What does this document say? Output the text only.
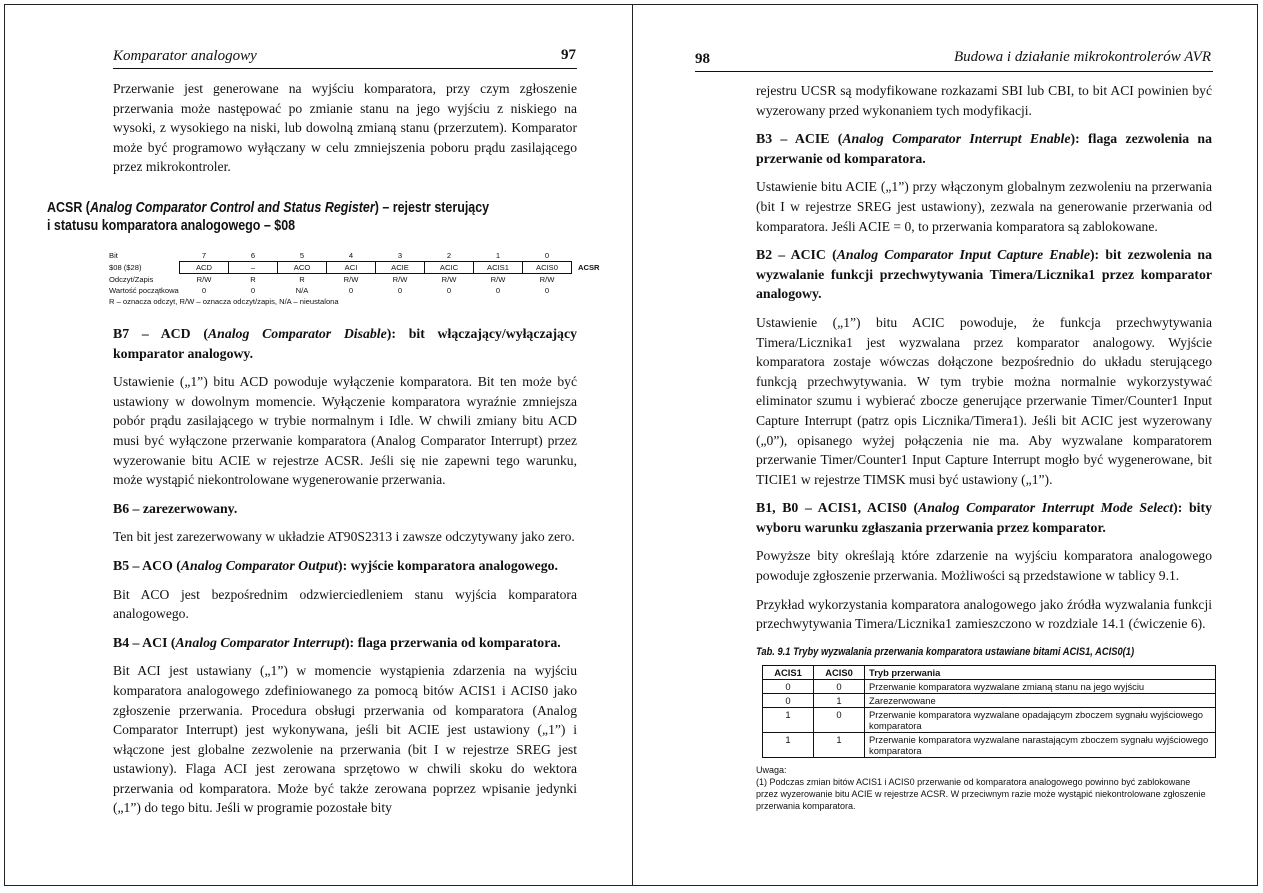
Komparator analogowy	97

Przerwanie jest generowane na wyjściu komparatora, przy czym zgłoszenie przerwania może następować po zmianie stanu na jego wyjściu z niskiego na wysoki, z wysokiego na niski, lub dowolną zmianą stanu (przerzutem). Komparator może być programowo wyłączany w celu zmniejszenia poboru prądu zasilającego przez mikrokontroler.

ACSR (Analog Comparator Control and Status Register) – rejestr sterujący
i statusu komparatora analogowego – $08
Bit	7	6	5	4	3	2	1	0	
$08 ($28)	ACD	–	ACO	ACI	ACIE	ACIC	ACIS1	ACIS0	ACSR
Odczyt/Zapis	R/W	R	R	R/W	R/W	R/W	R/W	R/W	
Wartość początkowa	0	0	N/A	0	0	0	0	0	
R – oznacza odczyt, R/W – oznacza odczyt/zapis, N/A – nieustalona
B7 – ACD (Analog Comparator Disable): bit włączający/wyłączający komparator analogowy.

Ustawienie („1”) bitu ACD powoduje wyłączenie komparatora. Bit ten może być ustawiony w dowolnym momencie. Wyłączenie komparatora wyraźnie zmniejsza pobór prądu zasilającego w trybie normalnym i Idle. W chwili zmiany bitu ACD musi być wyłączone przerwanie komparatora (Analog Comparator Interrupt) przez wyzerowanie bitu ACIE w rejestrze ACSR. Jeśli się nie zapewni tego warunku, może wystąpić niekontrolowane wygenerowanie przerwania.

B6 – zarezerwowany.

Ten bit jest zarezerwowany w układzie AT90S2313 i zawsze odczytywany jako zero.

B5 – ACO (Analog Comparator Output): wyjście komparatora analogowego.

Bit ACO jest bezpośrednim odzwierciedleniem stanu wyjścia komparatora analogowego.

B4 – ACI (Analog Comparator Interrupt): flaga przerwania od komparatora.

Bit ACI jest ustawiany („1”) w momencie wystąpienia zdarzenia na wyjściu komparatora analogowego zdefiniowanego za pomocą bitów ACIS1 i ACIS0 jako zgłoszenie przerwania. Procedura obsługi przerwania od komparatora (Analog Comparator Interrupt) jest wykonywana, jeśli bit ACIE jest ustawiony („1”) i włączone jest globalne zezwolenie na przerwania (bit I w rejestrze SREG jest ustawiony). Flaga ACI jest zerowana sprzętowo w chwili skoku do wektora przerwania od komparatora. Może być także zerowana poprzez wpisanie jedynki („1”) do tego bitu. Jeśli w programie pozostałe bity

98	Budowa i działanie mikrokontrolerów AVR

rejestru UCSR są modyfikowane rozkazami SBI lub CBI, to bit ACI powinien być wyzerowany przed wykonaniem tych modyfikacji.

B3 – ACIE (Analog Comparator Interrupt Enable): flaga zezwolenia na przerwanie od komparatora.

Ustawienie bitu ACIE („1”) przy włączonym globalnym zezwoleniu na przerwania (bit I w rejestrze SREG jest ustawiony), zezwala na generowanie przerwania od komparatora. Jeśli ACIE = 0, to przerwania komparatora są zablokowane.

B2 – ACIC (Analog Comparator Input Capture Enable): bit zezwolenia na wyzwalanie funkcji przechwytywania Timera/Licznika1 przez komparator analogowy.

Ustawienie („1”) bitu ACIC powoduje, że funkcja przechwytywania Timera/Licznika1 jest wyzwalana przez komparator analogowy. Wyjście komparatora zostaje wówczas dołączone bezpośrednio do układu sterującego funkcją przechwytywania. W tym trybie można normalnie wykorzystywać eliminator szumu i wybierać zbocze generujące przerwanie Timer/Counter1 Input Capture Interrupt (patrz opis Licznika/Timera1). Jeśli bit ACIC jest wyzerowany („0”), opisanego wyżej połączenia nie ma. Aby wyzwalane komparatorem przerwanie Timer/Counter1 Input Capture Interrupt mogło być wygenerowane, bit TICIE1 w rejestrze TIMSK musi być ustawiony („1”).

B1, B0 – ACIS1, ACIS0 (Analog Comparator Interrupt Mode Select): bity wyboru warunku zgłaszania przerwania przez komparator.

Powyższe bity określają które zdarzenie na wyjściu komparatora analogowego powoduje zgłoszenie przerwania. Możliwości są przedstawione w tablicy 9.1.

Przykład wykorzystania komparatora analogowego jako źródła wyzwalania funkcji przechwytywania Timera/Licznika1 zamieszczono w rozdziale 14.1 (ćwiczenie 6).

Tab. 9.1 Tryby wyzwalania przerwania komparatora ustawiane bitami ACIS1, ACIS0(1)
ACIS1	ACIS0	Tryb przerwania
0	0	Przerwanie komparatora wyzwalane zmianą stanu na jego wyjściu
0	1	Zarezerwowane
1	0	Przerwanie komparatora wyzwalane opadającym zboczem sygnału wyjściowego komparatora
1	1	Przerwanie komparatora wyzwalane narastającym zboczem sygnału wyjściowego komparatora
Uwaga:
(1) Podczas zmian bitów ACIS1 i ACIS0 przerwanie od komparatora analogowego powinno być zablokowane przez wyzerowanie bitu ACIE w rejestrze ACSR. W przeciwnym razie może wystąpić niekontrolowane zgłoszenie przerwania komparatora.
